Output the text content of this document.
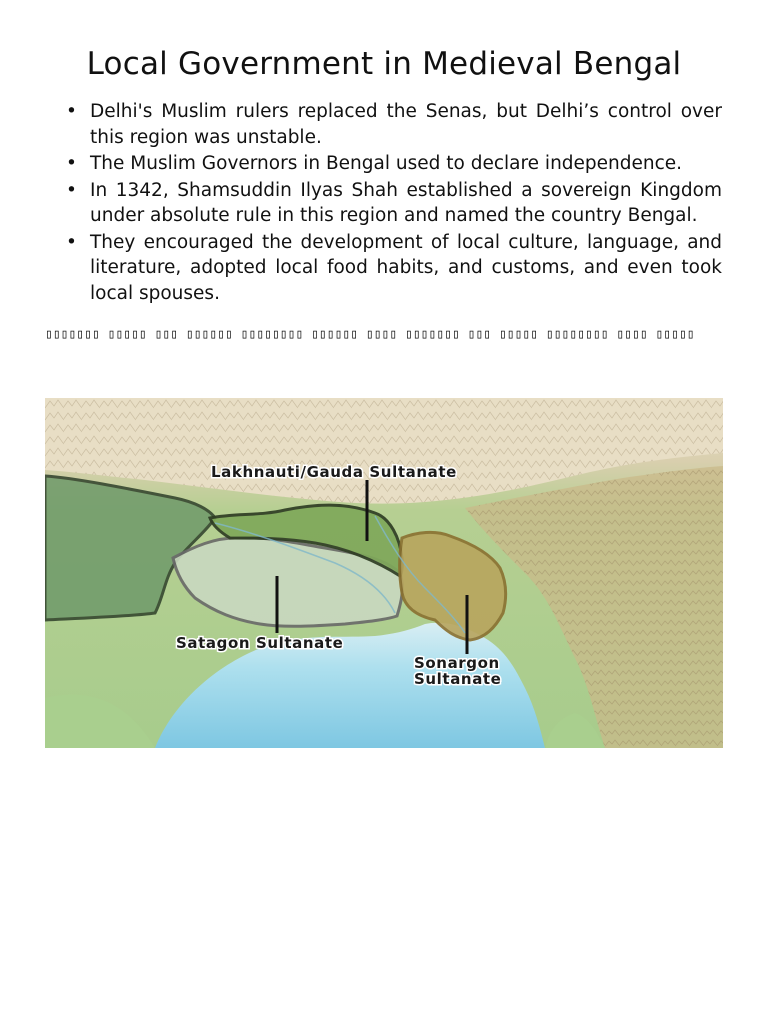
Local Government in Medieval Bengal
• Delhi's Muslim rulers replaced the Senas, but Delhi’s control over this region was unstable.
• The Muslim Governors in Bengal used to declare independence.
• In 1342, Shamsuddin Ilyas Shah established a sovereign Kingdom under absolute rule in this region and named the country Bengal.
• They encouraged the development of local culture, language, and literature, adopted local food habits, and customs, and even took local spouses.
▯▯▯▯▯▯▯ ▯▯▯▯▯ ▯▯▯ ▯▯▯▯▯▯ ▯▯▯▯▯▯▯▯ ▯▯▯▯▯▯ ▯▯▯▯ ▯▯▯▯▯▯▯ ▯▯▯ ▯▯▯▯▯ ▯▯▯▯▯▯▯▯ ▯▯▯▯ ▯▯▯▯▯
Lakhnauti/Gauda Sultanate
Satagon Sultanate
Sonargon
Sultanate
